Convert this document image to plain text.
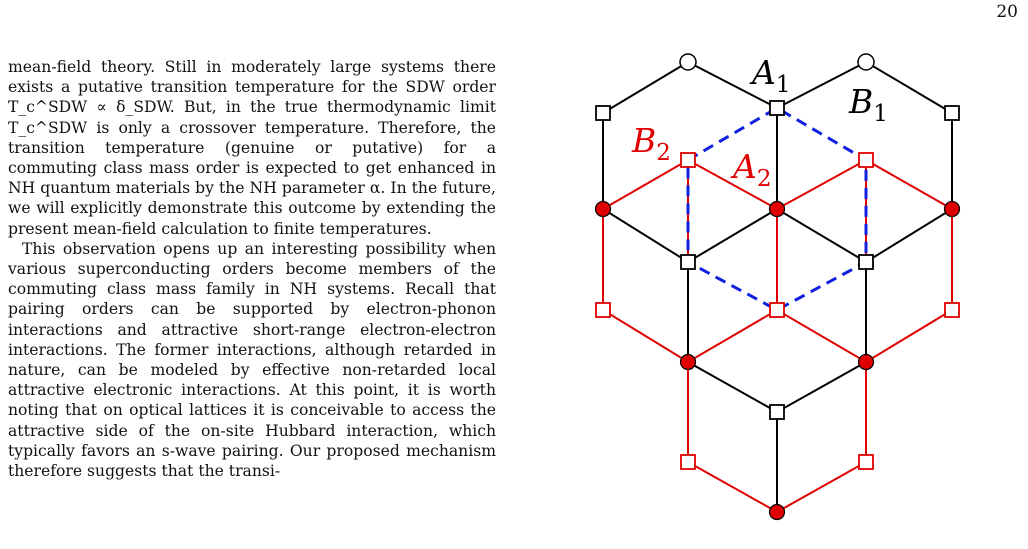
20

mean-field theory. Still in moderately large systems there exists a putative transition temperature for the SDW order T_c^SDW ∝ δ_SDW. But, in the true thermodynamic limit T_c^SDW is only a crossover temperature. Therefore, the transition temperature (genuine or putative) for a commuting class mass order is expected to get enhanced in NH quantum materials by the NH parameter α. In the future, we will explicitly demonstrate this outcome by extending the present mean-field calculation to finite temperatures.

This observation opens up an interesting possibility when various superconducting orders become members of the commuting class mass family in NH systems. Recall that pairing orders can be supported by electron-phonon interactions and attractive short-range electron-electron interactions. The former interactions, although retarded in nature, can be modeled by effective non-retarded local attractive electronic interactions. At this point, it is worth noting that on optical lattices it is conceivable to access the attractive side of the on-site Hubbard interaction, which typically favors an s-wave pairing. Our proposed mechanism therefore suggests that the transi-

$A_1$ $B_1$
$B_2$ $A_2$
